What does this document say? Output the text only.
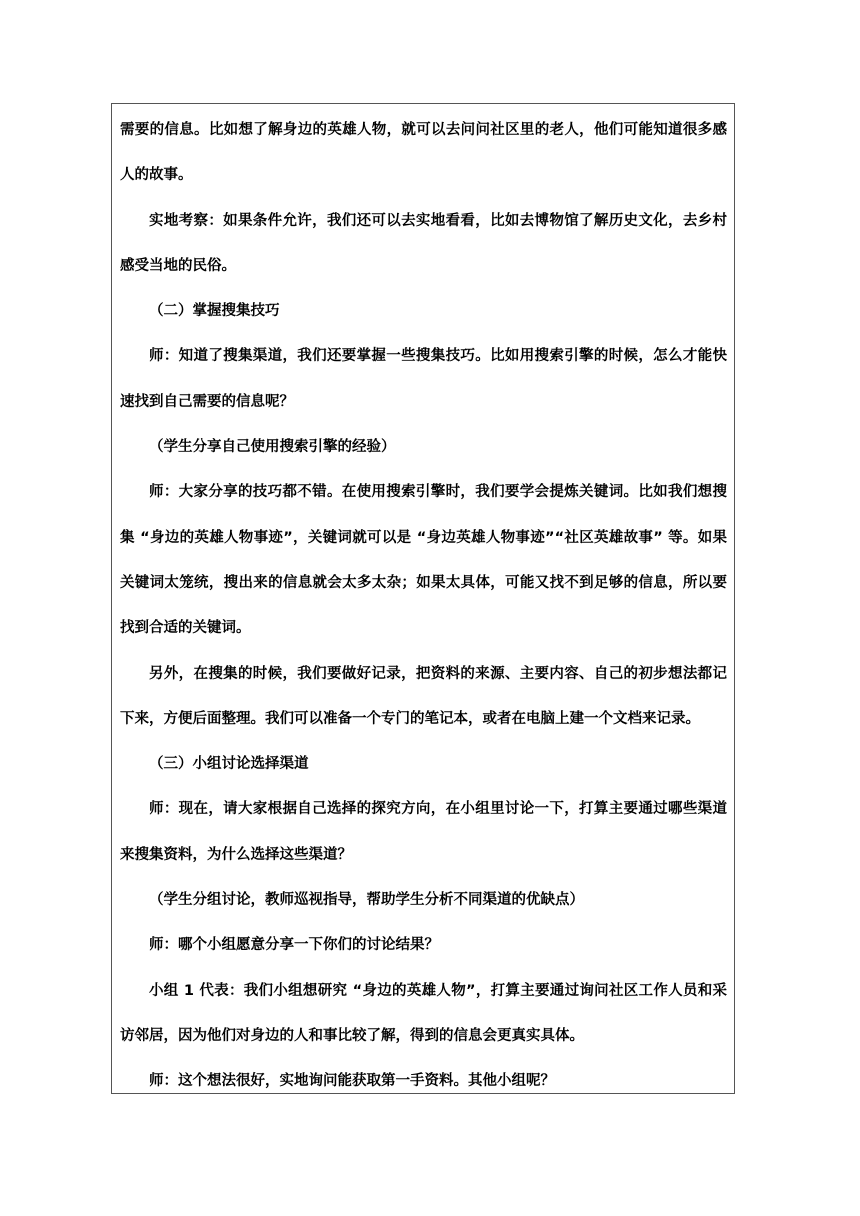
需要的信息。比如想了解身边的英雄人物，就可以去问问社区里的老人，他们可能知道很多感人的故事。

实地考察：如果条件允许，我们还可以去实地看看，比如去博物馆了解历史文化，去乡村感受当地的民俗。

（二）掌握搜集技巧

师：知道了搜集渠道，我们还要掌握一些搜集技巧。比如用搜索引擎的时候，怎么才能快速找到自己需要的信息呢？

（学生分享自己使用搜索引擎的经验）

师：大家分享的技巧都不错。在使用搜索引擎时，我们要学会提炼关键词。比如我们想搜集 “身边的英雄人物事迹”，关键词就可以是 “身边英雄人物事迹”“社区英雄故事” 等。如果关键词太笼统，搜出来的信息就会太多太杂；如果太具体，可能又找不到足够的信息，所以要找到合适的关键词。

另外，在搜集的时候，我们要做好记录，把资料的来源、主要内容、自己的初步想法都记下来，方便后面整理。我们可以准备一个专门的笔记本，或者在电脑上建一个文档来记录。

（三）小组讨论选择渠道

师：现在，请大家根据自己选择的探究方向，在小组里讨论一下，打算主要通过哪些渠道来搜集资料，为什么选择这些渠道？

（学生分组讨论，教师巡视指导，帮助学生分析不同渠道的优缺点）

师：哪个小组愿意分享一下你们的讨论结果？

小组 1 代表：我们小组想研究 “身边的英雄人物”，打算主要通过询问社区工作人员和采访邻居，因为他们对身边的人和事比较了解，得到的信息会更真实具体。

师：这个想法很好，实地询问能获取第一手资料。其他小组呢？
